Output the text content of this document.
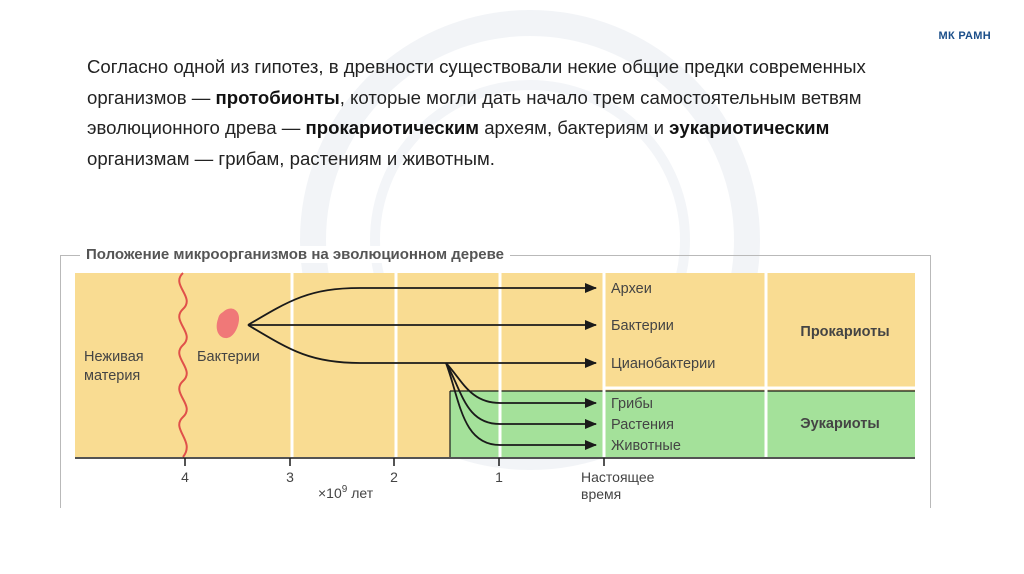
МК РАМН
Согласно одной из гипотез, в древности существовали некие общие предки современных организмов — протобионты, которые могли дать начало трем самостоятельным ветвям эволюционного древа — прокариотическим археям, бактериям и эукариотическим организмам — грибам, растениям и животным.
Положение микроорганизмов на эволюционном дереве
Неживая
материя
Бактерии
Археи
Бактерии
Цианобактерии
Грибы
Растения
Животные
Прокариоты
Эукариоты
4	3	2	1	Настоящее
время
$\times 10^9$ лет
